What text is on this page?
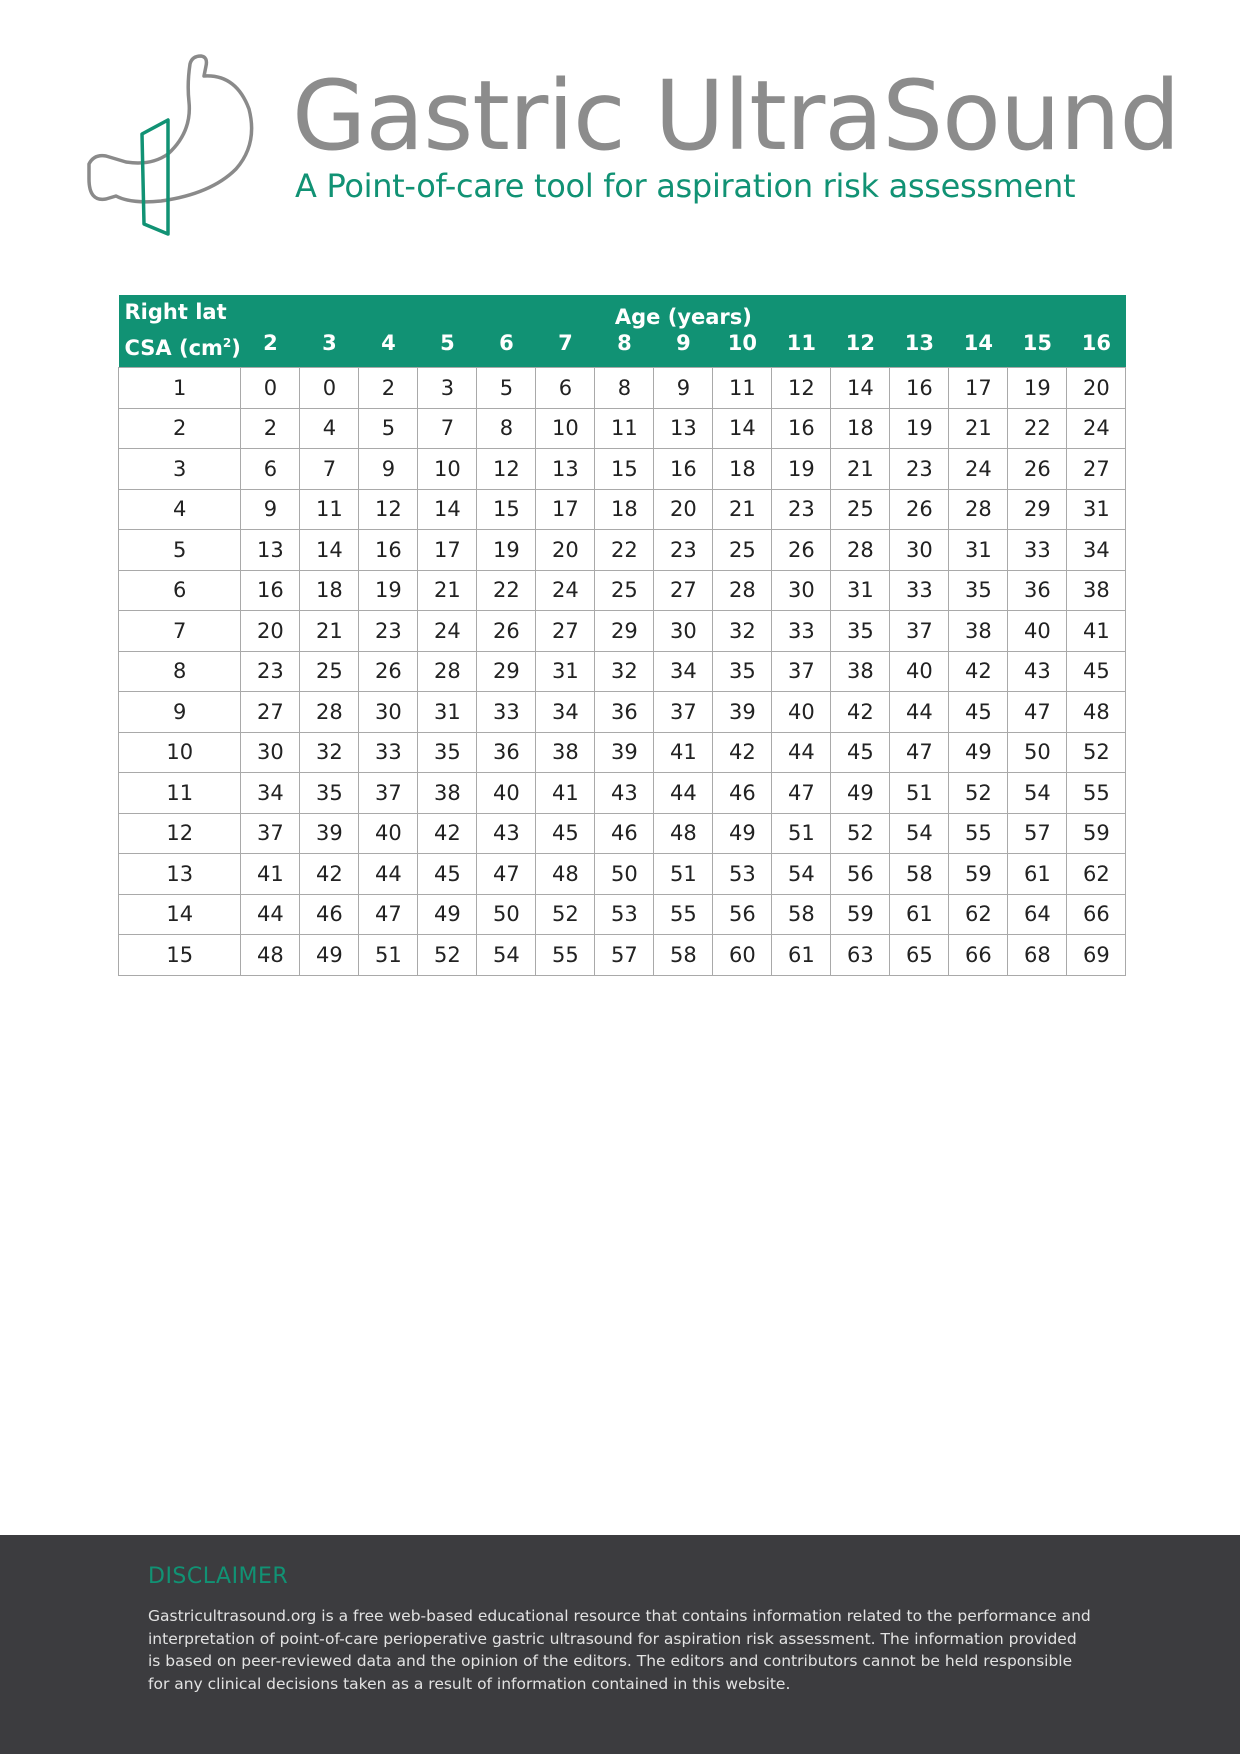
Gastric UltraSound

A Point-of-care tool for aspiration risk assessment

Right lat
CSA $(cm^2)$	Age (years)														
	2	3	4	5	6	7	8	9	10	11	12	13	14	15	16
1	0	0	2	3	5	6	8	9	11	12	14	16	17	19	20
2	2	4	5	7	8	10	11	13	14	16	18	19	21	22	24
3	6	7	9	10	12	13	15	16	18	19	21	23	24	26	27
4	9	11	12	14	15	17	18	20	21	23	25	26	28	29	31
5	13	14	16	17	19	20	22	23	25	26	28	30	31	33	34
6	16	18	19	21	22	24	25	27	28	30	31	33	35	36	38
7	20	21	23	24	26	27	29	30	32	33	35	37	38	40	41
8	23	25	26	28	29	31	32	34	35	37	38	40	42	43	45
9	27	28	30	31	33	34	36	37	39	40	42	44	45	47	48
10	30	32	33	35	36	38	39	41	42	44	45	47	49	50	52
11	34	35	37	38	40	41	43	44	46	47	49	51	52	54	55
12	37	39	40	42	43	45	46	48	49	51	52	54	55	57	59
13	41	42	44	45	47	48	50	51	53	54	56	58	59	61	62
14	44	46	47	49	50	52	53	55	56	58	59	61	62	64	66
15	48	49	51	52	54	55	57	58	60	61	63	65	66	68	69
DISCLAIMER

Gastricultrasound.org is a free web-based educational resource that contains information related to the performance and interpretation of point-of-care perioperative gastric ultrasound for aspiration risk assessment. The information provided is based on peer-reviewed data and the opinion of the editors. The editors and contributors cannot be held responsible for any clinical decisions taken as a result of information contained in this website.
